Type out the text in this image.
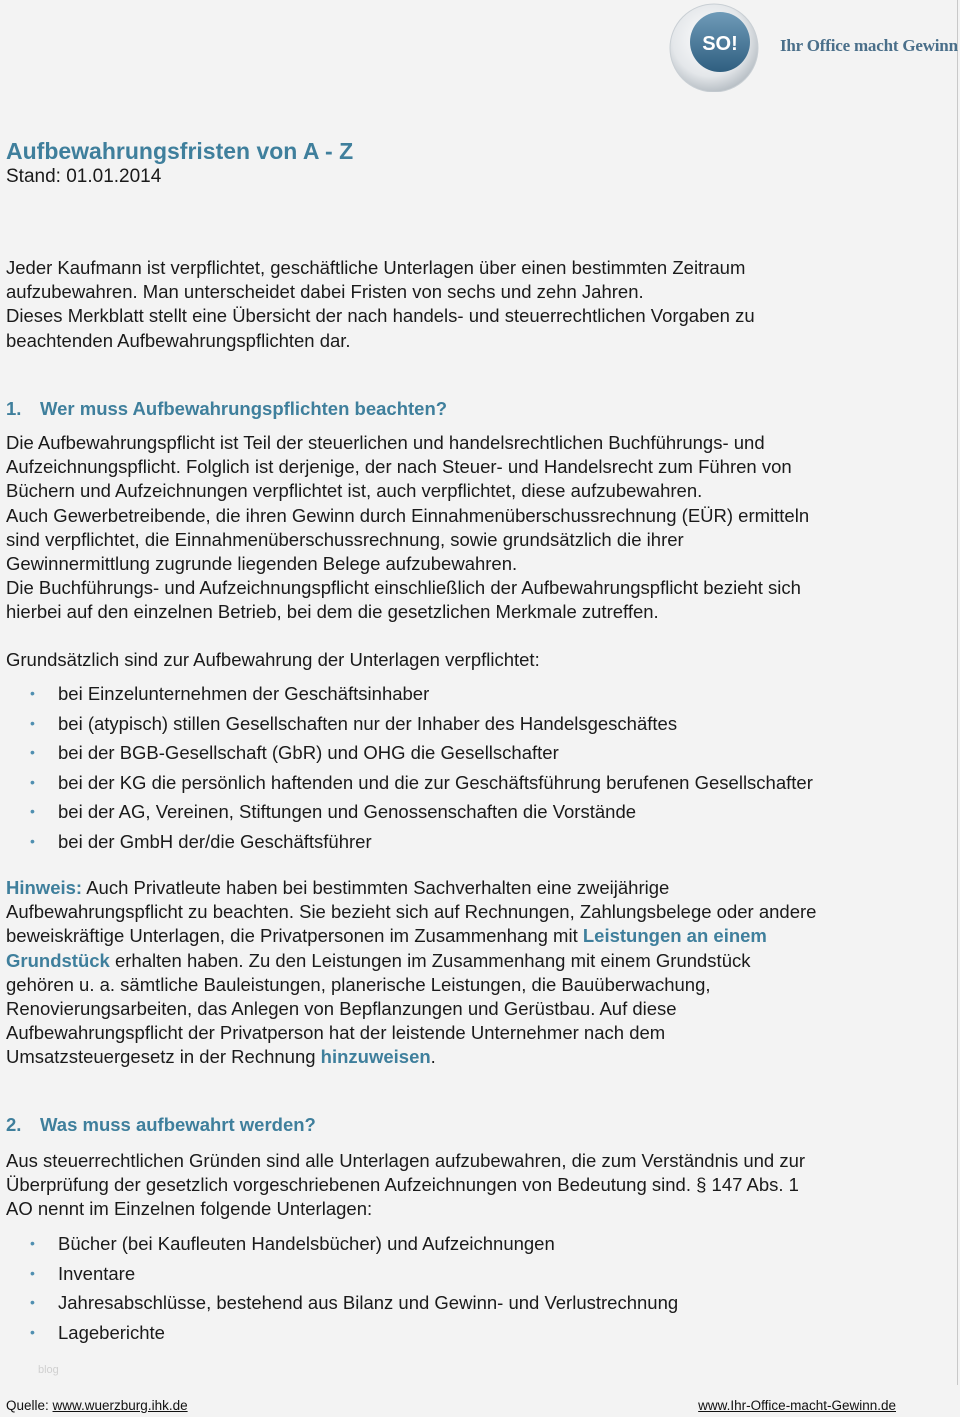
SO! Ihr Office macht Gewinn
Aufbewahrungsfristen von A - Z
Stand: 01.01.2014

Jeder Kaufmann ist verpflichtet, geschäftliche Unterlagen über einen bestimmten Zeitraum

aufzubewahren. Man unterscheidet dabei Fristen von sechs und zehn Jahren.

Dieses Merkblatt stellt eine Übersicht der nach handels- und steuerrechtlichen Vorgaben zu

beachtenden Aufbewahrungspflichten dar.

1. Wer muss Aufbewahrungspflichten beachten?

Die Aufbewahrungspflicht ist Teil der steuerlichen und handelsrechtlichen Buchführungs- und

Aufzeichnungspflicht. Folglich ist derjenige, der nach Steuer- und Handelsrecht zum Führen von

Büchern und Aufzeichnungen verpflichtet ist, auch verpflichtet, diese aufzubewahren.

Auch Gewerbetreibende, die ihren Gewinn durch Einnahmenüberschussrechnung (EÜR) ermitteln

sind verpflichtet, die Einnahmenüberschussrechnung, sowie grundsätzlich die ihrer

Gewinnermittlung zugrunde liegenden Belege aufzubewahren.

Die Buchführungs- und Aufzeichnungspflicht einschließlich der Aufbewahrungspflicht bezieht sich

hierbei auf den einzelnen Betrieb, bei dem die gesetzlichen Merkmale zutreffen.

Grundsätzlich sind zur Aufbewahrung der Unterlagen verpflichtet:
• bei Einzelunternehmen der Geschäftsinhaber
• bei (atypisch) stillen Gesellschaften nur der Inhaber des Handelsgeschäftes
• bei der BGB-Gesellschaft (GbR) und OHG die Gesellschafter
• bei der KG die persönlich haftenden und die zur Geschäftsführung berufenen Gesellschafter
• bei der AG, Vereinen, Stiftungen und Genossenschaften die Vorstände
• bei der GmbH der/die Geschäftsführer

Hinweis: Auch Privatleute haben bei bestimmten Sachverhalten eine zweijährige

Aufbewahrungspflicht zu beachten. Sie bezieht sich auf Rechnungen, Zahlungsbelege oder andere

beweiskräftige Unterlagen, die Privatpersonen im Zusammenhang mit Leistungen an einem

Grundstück erhalten haben. Zu den Leistungen im Zusammenhang mit einem Grundstück

gehören u. a. sämtliche Bauleistungen, planerische Leistungen, die Bauüberwachung,

Renovierungsarbeiten, das Anlegen von Bepflanzungen und Gerüstbau. Auf diese

Aufbewahrungspflicht der Privatperson hat der leistende Unternehmer nach dem

Umsatzsteuergesetz in der Rechnung hinzuweisen.

2. Was muss aufbewahrt werden?

Aus steuerrechtlichen Gründen sind alle Unterlagen aufzubewahren, die zum Verständnis und zur

Überprüfung der gesetzlich vorgeschriebenen Aufzeichnungen von Bedeutung sind. § 147 Abs. 1

AO nennt im Einzelnen folgende Unterlagen:

• Bücher (bei Kaufleuten Handelsbücher) und Aufzeichnungen
• Inventare
• Jahresabschlüsse, bestehend aus Bilanz und Gewinn- und Verlustrechnung
• Lageberichte
blog
Quelle: www.wuerzburg.ihk.de	www.Ihr-Office-macht-Gewinn.de
